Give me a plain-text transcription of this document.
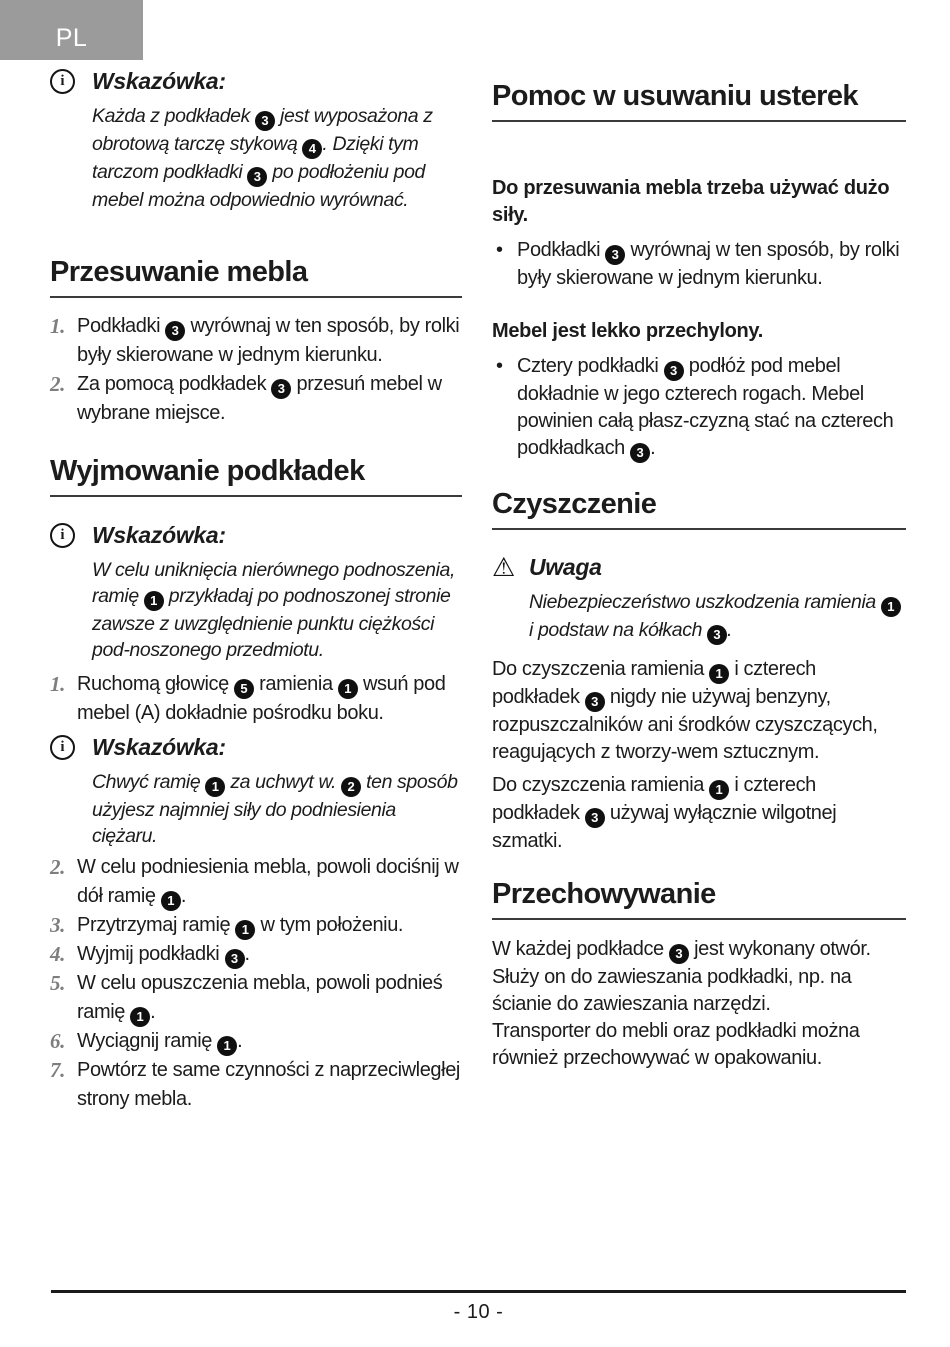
PL
i	Wskazówka:
Każda z podkładek 3 jest wyposażona z obrotową tarczę stykową 4 . Dzięki tym tarczom podkładki 3 po podłożeniu pod mebel można odpowiednio wyrównać.
Przesuwanie mebla
1. Podkładki 3 wyrównaj w ten sposób, by rolki były skierowane w jednym kierunku.
2. Za pomocą podkładek 3 przesuń mebel w wybrane miejsce.
Wyjmowanie podkładek
i	Wskazówka:
W celu uniknięcia nierównego podnoszenia, ramię 1 przykładaj po podnoszonej stronie zawsze z uwzględnienie punktu ciężkości pod-noszonego przedmiotu.
1. Ruchomą głowicę 5 ramienia 1 wsuń pod mebel (A) dokładnie pośrodku boku.
i	Wskazówka:
Chwyć ramię 1 za uchwyt w. 2 ten sposób użyjesz najmniej siły do podniesienia ciężaru.
2. W celu podniesienia mebla, powoli dociśnij w dół ramię 1 .
3. Przytrzymaj ramię 1 w tym położeniu.
4. Wyjmij podkładki 3 .
5. W celu opuszczenia mebla, powoli podnieś ramię 1 .
6. Wyciągnij ramię 1 .
7. Powtórz te same czynności z naprzeciwległej strony mebla.
Pomoc w usuwaniu usterek
Do przesuwania mebla trzeba używać dużo siły.
• Podkładki 3 wyrównaj w ten sposób, by rolki były skierowane w jednym kierunku.
Mebel jest lekko przechylony.
• Cztery podkładki 3 podłóż pod mebel dokładnie w jego czterech rogach. Mebel powinien całą płasz-czyzną stać na czterech podkładkach 3 .
Czyszczenie
⚠ Uwaga
Niebezpieczeństwo uszkodzenia ramienia 1 i podstaw na kółkach 3 .

Do czyszczenia ramienia 1 i czterech podkładek 3 nigdy nie używaj benzyny, rozpuszczalników ani środków czyszczących, reagujących z tworzy-wem sztucznym.

Do czyszczenia ramienia 1 i czterech podkładek 3 używaj wyłącznie wilgotnej szmatki.

Przechowywanie

W każdej podkładce 3 jest wykonany otwór. Służy on do zawieszania podkładki, np. na ścianie do zawieszania narzędzi.

Transporter do mebli oraz podkładki można również przechowywać w opakowaniu.

- 10 -
